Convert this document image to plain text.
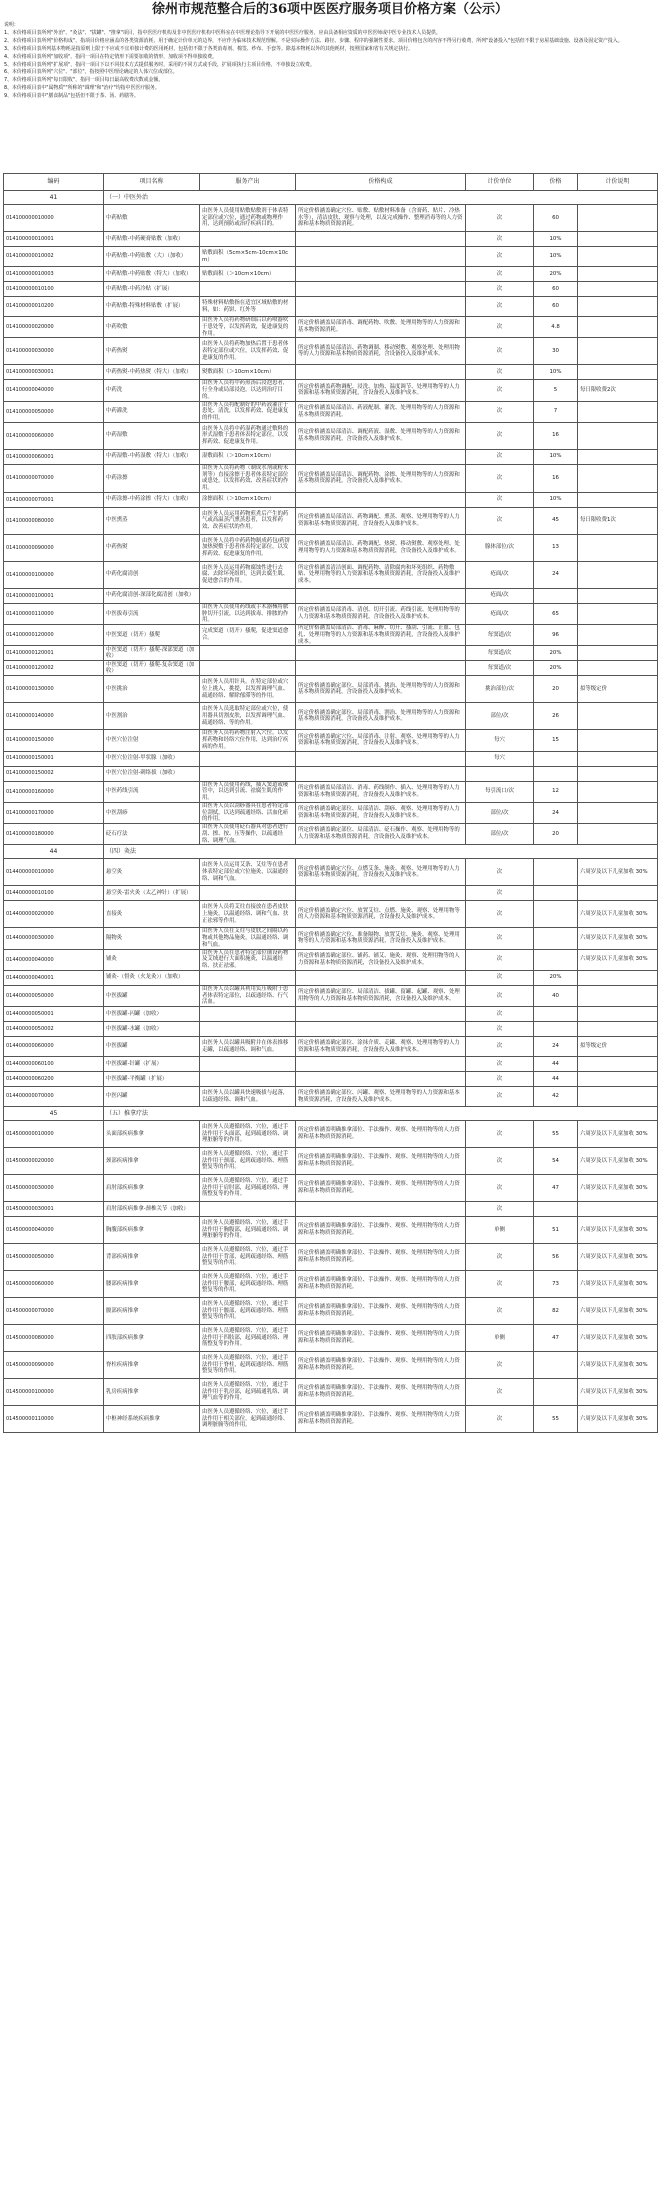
徐州市规范整合后的36项中医医疗服务项目价格方案（公示）

说明：

1、本价格项目表所列"外治"、"灸法"、"拔罐"、"推拿"项目，指中医医疗机构及非中医医疗机构中医科室在中医理论指导下开展的中医医疗服务，应由具备相应资质的中医医师或中医专业技术人员提供。

2、本价格项目表所列"价格构成"，指项目价格应涵盖的各类资源消耗，用于确定计价单元的边界，不应作为临床技术规范理解。不是实际操作方法、路径、步骤、程序的强制性要求。项目价格包含的内容不得另行收费，所列"设备投入"包括但不限于房屋基础设施、设备及固定资产投入。

3、本价格项目表所列基本物耗是指原则上限于不应或不宜单独计费的医用耗材，包括但不限于各类消毒剂、棉签、纱布、手套等。除基本物耗以外的其他耗材，按照国家和省有关规定执行。

4、本价格项目表所列"加收项"，指同一项目在特定情形下需要加收的情形，加收项不得单独收费。

5、本价格项目表所列"扩展项"，指同一项目下以不同技术方式提供服务时，采用的不同方式或手段，扩展项执行主项目价格，不单独设立收费。

6、本价格项目表所列"穴位"、"部位"，指按照中医理论确定的人体穴位或部位。

7、本价格项目表所列"每日限收"，指同一项目每日最高收费次数或金额。

8、本价格项目表中"属物质""所称的"调理"和"治疗"均指中医医疗服务。

9、本价格项目表中"膳食制品"包括但不限于茶、汤、药膳等。

编码	项目名称	服务产出	价格构成	计价单位	价格	计价说明
41	（一）中医外治					
014100000010000	中药贴敷	由医务人员使用贴敷贴敷剂于体表特定部位或穴位，通过药物或物理作用，达到预防或治疗疾病目的。	所定价格涵盖确定穴位、贴敷、贴敷材料准备（含膏药、贴片、冷热水等），清洁皮肤、观察与处理，以及完成操作、整理消毒等的人力资源和基本物质资源消耗。	次	60	
014100000010001	中药贴敷-中药硬膏贴敷（加收）			次	10%	
014100000010002	中药贴敷-中药贴敷（大）（加收）	贴敷面积（5cm×5cm-10cm×10cm）		次	10%	
014100000010003	中药贴敷-中药贴敷（特大）（加收）	贴敷面积（＞10cm×10cm）		次	20%	
014100000010100	中药贴敷-中药冷贴（扩展）			次	60	
014100000010200	中药贴敷-特殊材料贴敷（扩展）	特殊材料贴敷指在适宜区域贴敷的材料，如：药饼、红外等		次	60	
014100000020000	中药吹敷	由医务人员将药物研细后以药喷器吹于患处等，以发挥药效，促进康复的作用。	所定价格涵盖局部消毒、调配药物、吹敷、处理用物等的人力资源和基本物资源消耗。	次	4.8	
014100000030000	中药热熨	由医务人员将药物加热后置于患者体表特定部位或穴位，以发挥药效、促进康复的作用。	所定价格涵盖局部清洁、药物调制、移动熨敷、观察处理、处理用物等的人力资源和基本物质资源消耗，含设备投入及维护成本。	次	30	
014100000030001	中药热熨-中药热熨（特大）（加收）	熨敷面积（＞10cm×10cm）		次	10%	
014100000040000	中药洗	由医务人员将中药煎汤后浸泡患者，行全身或局部浸泡，以达到治疗目的。	所定价格涵盖药物调配、浸洗、加热、温度调节、处理用物等的人力资源和基本物质资源消耗，含设备投入及维护成本。	次	5	每日限收费2次
014100000050000	中药灌洗	由医务人员将配制好的中药液灌注于患处、清洗，以发挥药效、促进康复的作用。	所定价格涵盖局部清洁、药液配制、灌洗、处理用物等的人力资源和基本物质资源消耗。	次	7	
014100000060000	中药湿敷	由医务人员将中药湿药物通过敷料的形式湿敷于患者体表特定部位，以发挥药效、促进康复作用。	所定价格涵盖局部清洁、调配药液、湿敷、处理用物等的人力资源和基本物质资源消耗，含设备投入及维护成本。	次	16	
014100000060001	中药湿敷-中药湿敷（特大）（加收）	湿敷面积（＞10cm×10cm）		次	10%	
014100000070000	中药涂擦	由医务人员将药物（制成水剂或粉末剂等）直接涂擦于患者体表特定部位或患处，以发挥药效、改善症状的作用。	所定价格涵盖局部清洁、调配药物、涂擦、处理用物等的人力资源和基本物质资源消耗，含设备投入及维护成本。	次	16	
014100000070001	中药涂擦-中药涂擦（特大）（加收）	涂擦面积（＞10cm×10cm）		次	10%	
014100000080000	中医熏蒸	由医务人员运用药物煎煮后产生的药气或高温蒸汽熏蒸患者，以发挥药效、改善症状的作用。	所定价格涵盖局部清洁、药物调配、熏蒸、观察、处理用物等的人力资源和基本物质资源消耗，含设备投入及维护成本。	次	45	每日限收费1次
014100000090000	中药热熨	由医务人员将中药药物制成药包/药饼加热熨敷于患者体表特定部位，以发挥药效、促进康复的作用。	所定价格涵盖局部清洁、药物调配、热熨、移动熨敷、观察处理、处理用物等的人力资源和基本物质资源消耗，含设备投入及维护成本。	腺体部位/次	13	
014100000100000	中药化腐清创	由医务人员运用药物腐蚀性进行去腐、去除坏死组织，达到去腐生肌、促进愈合的作用。	所定价格涵盖清洁创面、调配药物、清除腐肉和坏死组织、药物敷贴、处理用物等的人力资源和基本物质资源消耗，含设备投入及维护成本。	疮面/次	24	
014100000100001	中药化腐清创-深部化腐清创（加收）			疮面/次		
014100000110000	中医拔毒引流	由医务人员使用药线或手术器械将脓肿切开引流，以达到拔毒、排脓的作用。	所定价格涵盖局部消毒、清创、切开引流、药线引流、处理用物等的人力资源和基本物质资源消耗，含设备投入及维护成本。	疮面/次	65	
014100000120000	中医窦道（切开）搔爬	完成窦道（切开）搔爬，促进窦道愈合。	所定价格涵盖局部清洁、消毒、麻醉、切开、搔刮、引流、止血、包扎、处理用物等的人力资源和基本物质资源消耗，含设备投入及维护成本。	每窦道/次	96	
014100000120001	中医窦道（切开）搔爬-深部窦道（加收）			每窦道/次	20%	
014100000120002	中医窦道（切开）搔爬-复杂窦道（加收）			每窦道/次	20%	
014100000130000	中医挑治	由医务人员用针具，在特定部位或穴位上挑入，挑提，以发挥调理气血、疏通经络、解除郁滞等的作用。	所定价格涵盖确定部位、局部消毒、挑治、处理用物等的人力资源和基本物质资源消耗，含设备投入及维护成本。	挑治部位/次	20	拟等级定价
014100000140000	中医割治	由医务人员选取特定部位或穴位，使用器具切割皮肤，以发挥调理气血、疏通经络、等的作用。	所定价格涵盖确定部位、局部消毒、割治、处理用物等的人力资源和基本物质资源消耗，含设备投入及维护成本。	部位/次	26	
014100000150000	中医穴位注射	由医务人员将药物注射入穴位，以发挥药物和经络穴位作用，达到治疗疾病的作用。	所定价格涵盖确定穴位、局部消毒、注射、观察、处理用物等的人力资源和基本物质资源消耗，含设备投入及维护成本。	每穴	15	
014100000150001	中医穴位注射-甲状腺（加收）			每穴		
014100000150002	中医穴位注射-刺络拔（加收）					
014100000160000	中医药线引流	由医务人员使用药线，插入窦道或瘘管中，以达到引流、祛腐生肌的作用。	所定价格涵盖局部清洁、消毒、药线制作、插入、处理用物等的人力资源和基本物质资源消耗，含设备投入及维护成本。	每引流口/次	12	
014100000170000	中医刮痧	由医务人员以刮痧器具在患者特定部位刮拭，以达到疏通经络、活血化瘀的作用。	所定价格涵盖确定部位、局部清洁、刮痧、观察、处理用物等的人力资源和基本物质资源消耗，含设备投入及维护成本。	部位/次	24	
014100000180000	砭石疗法	由医务人员使用砭石器具对患者进行刮、擦、按、压等操作，以疏通经络、调理气血。	所定价格涵盖确定部位、局部清洁、砭石操作、观察、处理用物等的人力资源和基本物质资源消耗，含设备投入及维护成本。	部位/次	20	
44	（四）灸法					
014400000010000	悬空灸	由医务人员运用艾条、艾炷等在患者体表特定部位或穴位施灸，以温通经络、调和气血。	所定价格涵盖确定穴位、点燃艾条、施灸、观察、处理用物等的人力资源和基本物质资源消耗，含设备投入及维护成本。	次		六周岁及以下儿童加收 30%
014400000010100	悬空灸-雷火灸（太乙神针）（扩展）			次		
014400000020000	直接灸	由医务人员将艾炷直接放在患者皮肤上施灸，以温通经络、调和气血、扶正祛邪等作用。	所定价格涵盖确定穴位、放置艾炷、点燃、施灸、观察、处理用物等的人力资源和基本物质资源消耗，含设备投入及维护成本。	次		六周岁及以下儿童加收 30%
014400000030000	隔物灸	由医务人员在艾炷与皮肤之间隔以药物或其他物品施灸，以温通经络、调和气血。	所定价格涵盖确定穴位、准备隔物、放置艾炷、施灸、观察、处理用物等的人力资源和基本物质资源消耗，含设备投入及维护成本。	次		六周岁及以下儿童加收 30%
014400000040000	铺灸	由医务人员在患者特定部位铺设药物及艾绒进行大面积施灸，以温通经络、扶正祛邪。	所定价格涵盖确定部位、铺药、铺艾、施灸、观察、处理用物等的人力资源和基本物质资源消耗，含设备投入及维护成本。	次		六周岁及以下儿童加收 30%
014400000040001	铺灸-（督灸（火龙灸））（加收）			次	20%	
014400000050000	中医拔罐	由医务人员以罐具利用负压吸附于患者体表特定部位，以疏通经络、行气活血。	所定价格涵盖确定部位、局部清洁、拔罐、留罐、起罐、观察、处理用物等的人力资源和基本物质资源消耗，含设备投入及维护成本。	次	40	
014400000050001	中医拔罐-闪罐（加收）			次		
014400000050002	中医拔罐-水罐（加收）			次		
014400000060000	中医拔罐	由医务人员以罐具吸附并在体表推移走罐，以疏通经络、调和气血。	所定价格涵盖确定部位、涂抹介质、走罐、观察、处理用物等的人力资源和基本物质资源消耗，含设备投入及维护成本。	次	24	拟等级定价
014400000060100	中医拔罐-针罐（扩展）			次	44	
014400000060200	中医拔罐-平衡罐（扩展）			次	44	
014400000070000	中医闪罐	由医务人员以罐具快速吸拔与起落，以疏通经络、调和气血。	所定价格涵盖确定部位、闪罐、观察、处理用物等的人力资源和基本物质资源消耗，含设备投入及维护成本。	次	42	
45	（五）推拿疗法					
014500000010000	头面部疾病推拿	由医务人员遵循经络、穴位，通过手法作用于头面部，起到疏通经络、调理脏腑等的作用。	所定价格涵盖明确推拿部位、手法操作、观察、处理用物等的人力资源和基本物质资源消耗。	次	55	六周岁及以下儿童加收 30%
014500000020000	颈部疾病推拿	由医务人员遵循经络、穴位，通过手法作用于颈部，起到疏通经络、理筋整复等的作用。	所定价格涵盖明确推拿部位、手法操作、观察、处理用物等的人力资源和基本物质资源消耗。	次	54	六周岁及以下儿童加收 30%
014500000030000	肩肘部疾病推拿	由医务人员遵循经络、穴位，通过手法作用于肩肘部，起到疏通经络、理筋整复等的作用。	所定价格涵盖明确推拿部位、手法操作、观察、处理用物等的人力资源和基本物质资源消耗。	次	47	六周岁及以下儿童加收 30%
014500000030001	肩肘部疾病推拿-颈椎关节（加收）			次		
014500000040000	胸腹部疾病推拿	由医务人员遵循经络、穴位，通过手法作用于胸腹部，起到疏通经络、调理脏腑等的作用。	所定价格涵盖明确推拿部位、手法操作、观察、处理用物等的人力资源和基本物质资源消耗。	单侧	51	六周岁及以下儿童加收 30%
014500000050000	背部疾病推拿	由医务人员遵循经络、穴位，通过手法作用于背部，起到疏通经络、理筋整复等的作用。	所定价格涵盖明确推拿部位、手法操作、观察、处理用物等的人力资源和基本物质资源消耗。	次	56	六周岁及以下儿童加收 30%
014500000060000	腰部疾病推拿	由医务人员遵循经络、穴位，通过手法作用于腰部，起到疏通经络、理筋整复等的作用。	所定价格涵盖明确推拿部位、手法操作、观察、处理用物等的人力资源和基本物质资源消耗。	次	73	六周岁及以下儿童加收 30%
014500000070000	髋部疾病推拿	由医务人员遵循经络、穴位，通过手法作用于髋部，起到疏通经络、理筋整复等的作用。	所定价格涵盖明确推拿部位、手法操作、观察、处理用物等的人力资源和基本物质资源消耗。	次	82	六周岁及以下儿童加收 30%
014500000080000	四肢部疾病推拿	由医务人员遵循经络、穴位，通过手法作用于四肢部，起到疏通经络、理筋整复等的作用。	所定价格涵盖明确推拿部位、手法操作、观察、处理用物等的人力资源和基本物质资源消耗。	单侧	47	六周岁及以下儿童加收 30%
014500000090000	脊柱疾病推拿	由医务人员遵循经络、穴位，通过手法作用于脊柱，起到疏通经络、理筋整复等的作用。	所定价格涵盖明确推拿部位、手法操作、观察、处理用物等的人力资源和基本物质资源消耗。	次		六周岁及以下儿童加收 30%
014500000100000	乳房疾病推拿	由医务人员遵循经络、穴位，通过手法作用于乳房部，起到疏通乳络、调理气血等的作用。	所定价格涵盖明确推拿部位、手法操作、观察、处理用物等的人力资源和基本物质资源消耗。	次		六周岁及以下儿童加收 30%
014500000110000	中枢神经系统疾病推拿	由医务人员遵循经络、穴位，通过手法作用于相关部位，起到疏通经络、调理脏腑等的作用。	所定价格涵盖明确推拿部位、手法操作、观察、处理用物等的人力资源和基本物质资源消耗。	次	55	六周岁及以下儿童加收 30%
